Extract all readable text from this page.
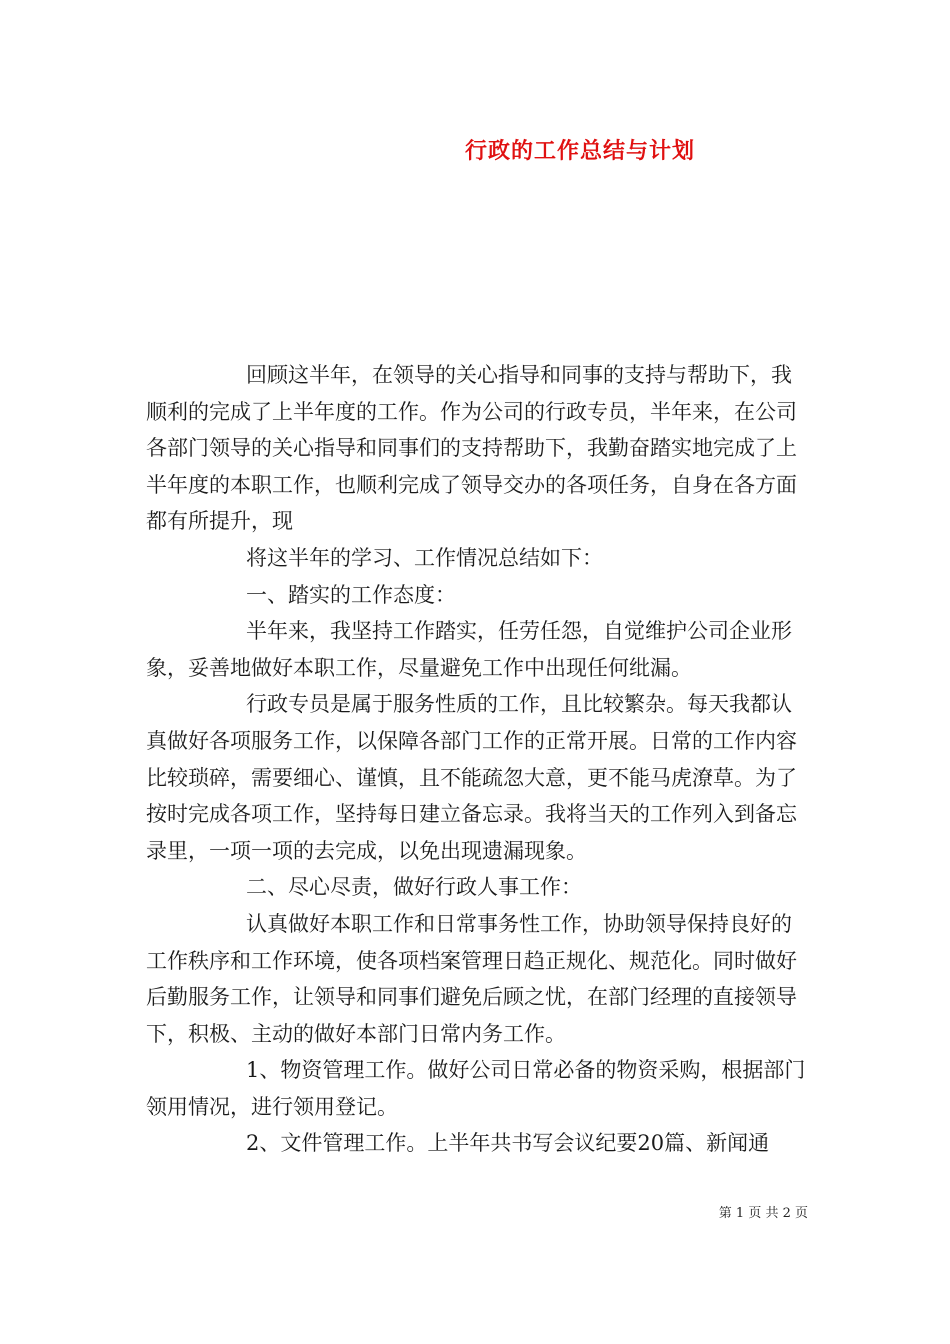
行政的工作总结与计划

回顾这半年，在领导的关心指导和同事的支持与帮助下，我顺利的完成了上半年度的工作。作为公司的行政专员，半年来，在公司各部门领导的关心指导和同事们的支持帮助下，我勤奋踏实地完成了上半年度的本职工作，也顺利完成了领导交办的各项任务，自身在各方面都有所提升，现

将这半年的学习、工作情况总结如下：

一、踏实的工作态度：

半年来，我坚持工作踏实，任劳任怨，自觉维护公司企业形象，妥善地做好本职工作，尽量避免工作中出现任何纰漏。

行政专员是属于服务性质的工作，且比较繁杂。每天我都认真做好各项服务工作，以保障各部门工作的正常开展。日常的工作内容比较琐碎，需要细心、谨慎，且不能疏忽大意，更不能马虎潦草。为了按时完成各项工作，坚持每日建立备忘录。我将当天的工作列入到备忘录里，一项一项的去完成，以免出现遗漏现象。

二、尽心尽责，做好行政人事工作：

认真做好本职工作和日常事务性工作，协助领导保持良好的工作秩序和工作环境，使各项档案管理日趋正规化、规范化。同时做好后勤服务工作，让领导和同事们避免后顾之忧，在部门经理的直接领导下，积极、主动的做好本部门日常内务工作。

1、物资管理工作。做好公司日常必备的物资采购，根据部门领用情况，进行领用登记。

2、文件管理工作。上半年共书写会议纪要20篇、新闻通

第 1 页 共 2 页
